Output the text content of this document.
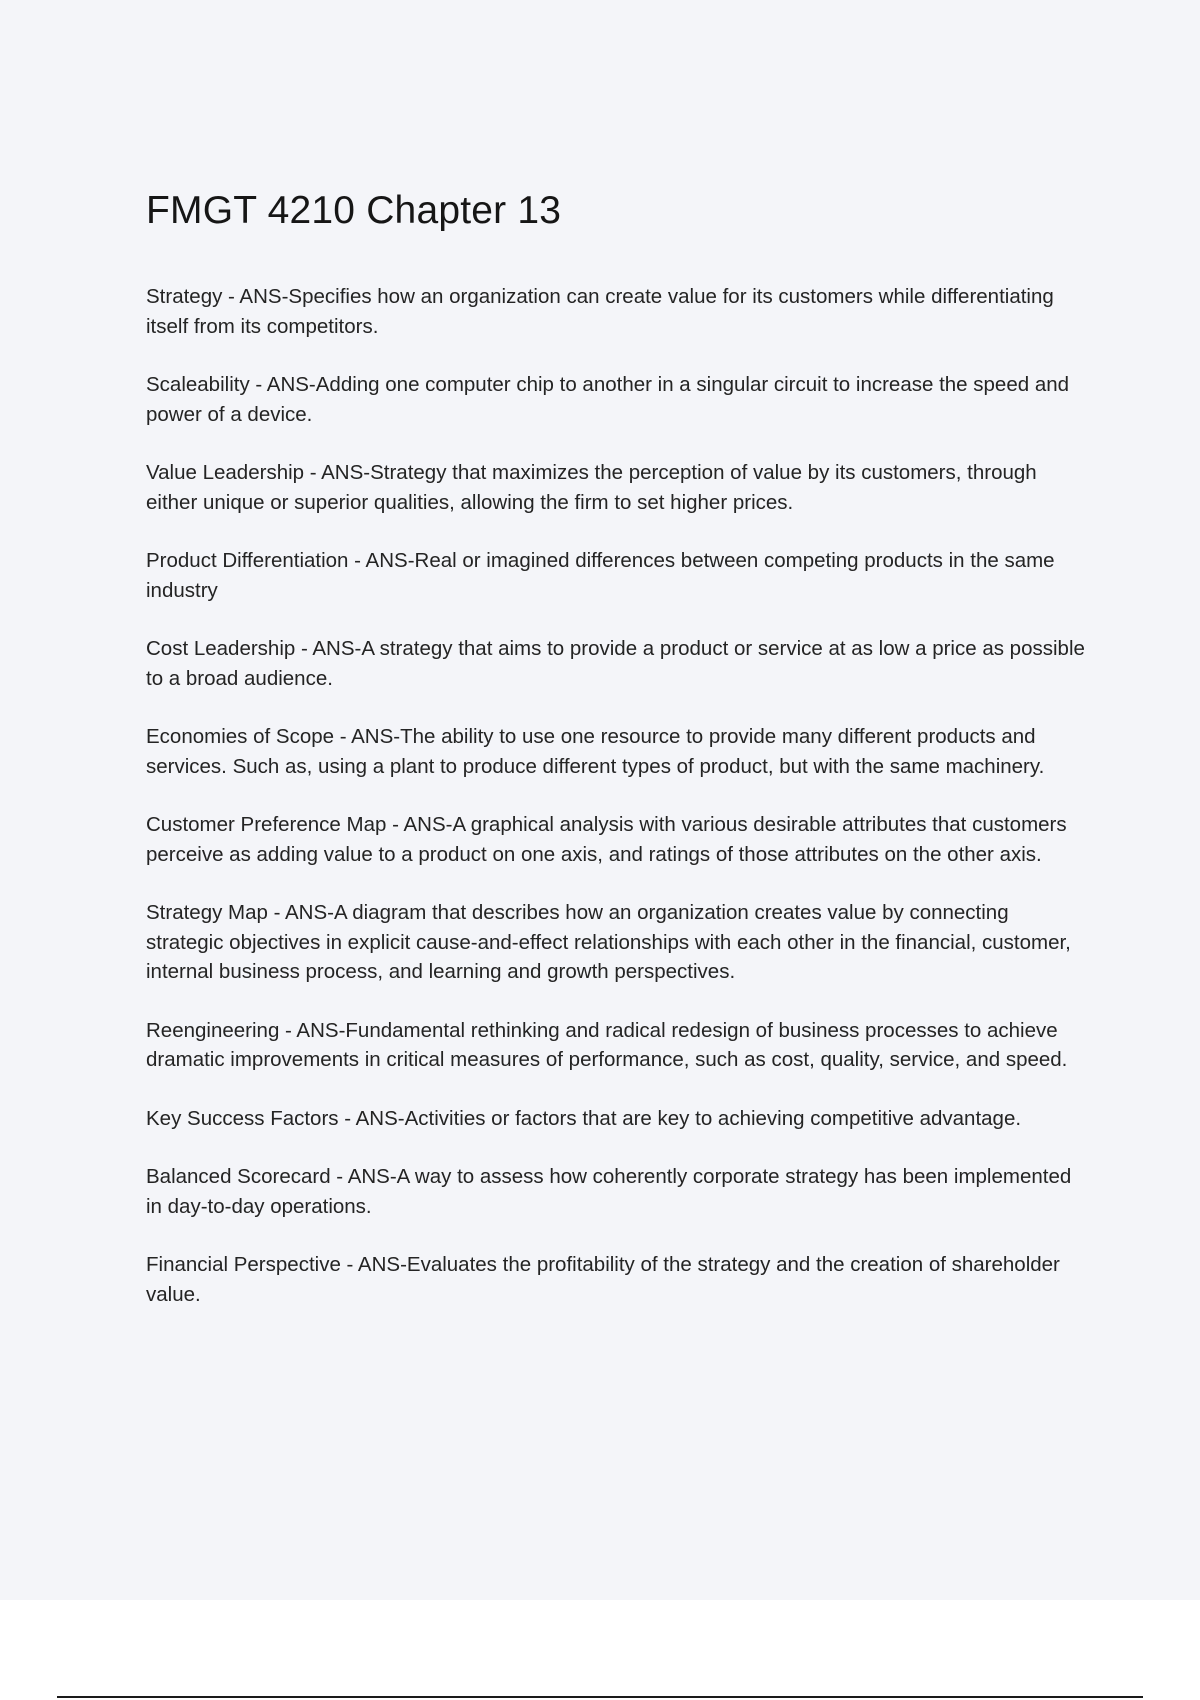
FMGT 4210 Chapter 13

Strategy - ANS-Specifies how an organization can create value for its customers while differentiating itself from its competitors.

Scaleability - ANS-Adding one computer chip to another in a singular circuit to increase the speed and power of a device.

Value Leadership - ANS-Strategy that maximizes the perception of value by its customers, through either unique or superior qualities, allowing the firm to set higher prices.

Product Differentiation - ANS-Real or imagined differences between competing products in the same industry

Cost Leadership - ANS-A strategy that aims to provide a product or service at as low a price as possible to a broad audience.

Economies of Scope - ANS-The ability to use one resource to provide many different products and services. Such as, using a plant to produce different types of product, but with the same machinery.

Customer Preference Map - ANS-A graphical analysis with various desirable attributes that customers perceive as adding value to a product on one axis, and ratings of those attributes on the other axis.

Strategy Map - ANS-A diagram that describes how an organization creates value by connecting strategic objectives in explicit cause-and-effect relationships with each other in the financial, customer, internal business process, and learning and growth perspectives.

Reengineering - ANS-Fundamental rethinking and radical redesign of business processes to achieve dramatic improvements in critical measures of performance, such as cost, quality, service, and speed.

Key Success Factors - ANS-Activities or factors that are key to achieving competitive advantage.

Balanced Scorecard - ANS-A way to assess how coherently corporate strategy has been implemented in day-to-day operations.

Financial Perspective - ANS-Evaluates the profitability of the strategy and the creation of shareholder value.
